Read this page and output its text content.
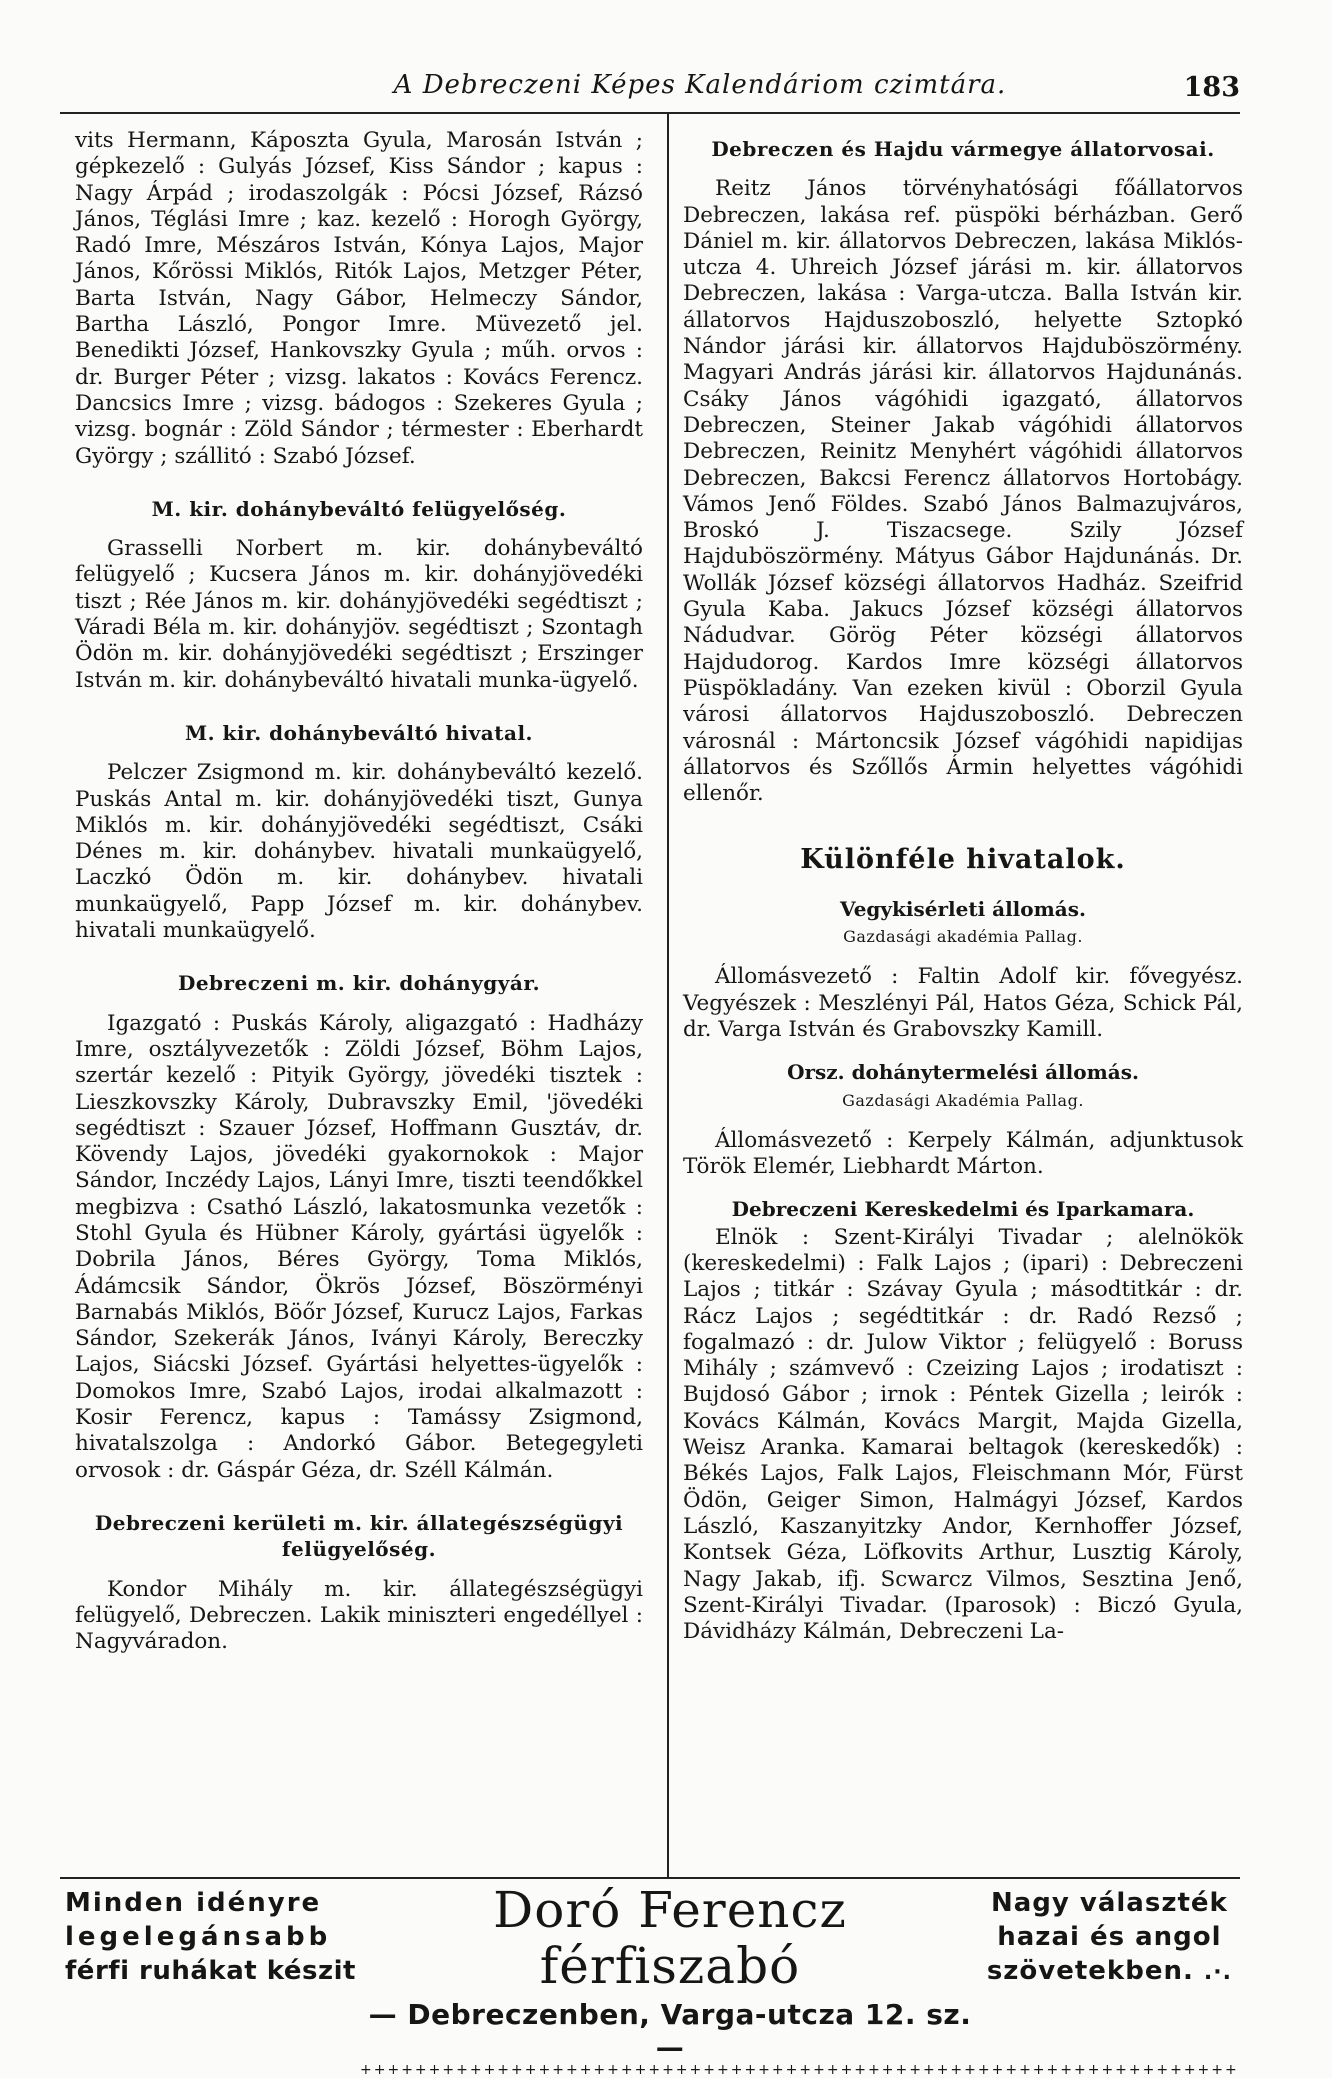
A Debreczeni Képes Kalendáriom czimtára.	183

vits Hermann, Káposzta Gyula, Marosán István ; gépkezelő : Gulyás József, Kiss Sándor ; kapus : Nagy Árpád ; irodaszolgák : Pócsi József, Rázsó János, Téglási Imre ; kaz. kezelő : Horogh György, Radó Imre, Mészáros István, Kónya Lajos, Major János, Kőrössi Miklós, Ritók Lajos, Metzger Péter, Barta István, Nagy Gábor, Helmeczy Sándor, Bartha László, Pongor Imre. Müvezető jel. Benedikti József, Hankovszky Gyula ; műh. orvos : dr. Burger Péter ; vizsg. lakatos : Kovács Ferencz. Dancsics Imre ; vizsg. bádogos : Szekeres Gyula ; vizsg. bognár : Zöld Sándor ; térmester : Eberhardt György ; szállitó : Szabó József.

M. kir. dohánybeváltó felügyelőség.

Grasselli Norbert m. kir. dohánybeváltó felügyelő ; Kucsera János m. kir. dohányjövedéki tiszt ; Rée János m. kir. dohányjövedéki segédtiszt ; Váradi Béla m. kir. dohányjöv. segédtiszt ; Szontagh Ödön m. kir. dohányjövedéki segédtiszt ; Erszinger István m. kir. dohánybeváltó hivatali munka-ügyelő.

M. kir. dohánybeváltó hivatal.

Pelczer Zsigmond m. kir. dohánybeváltó kezelő. Puskás Antal m. kir. dohányjövedéki tiszt, Gunya Miklós m. kir. dohányjövedéki segédtiszt, Csáki Dénes m. kir. dohánybev. hivatali munkaügyelő, Laczkó Ödön m. kir. dohánybev. hivatali munkaügyelő, Papp József m. kir. dohánybev. hivatali munkaügyelő.

Debreczeni m. kir. dohánygyár.

Igazgató : Puskás Károly, aligazgató : Hadházy Imre, osztályvezetők : Zöldi József, Böhm Lajos, szertár kezelő : Pityik György, jövedéki tisztek : Lieszkovszky Károly, Dubravszky Emil, 'jövedéki segédtiszt : Szauer József, Hoffmann Gusztáv, dr. Kövendy Lajos, jövedéki gyakornokok : Major Sándor, Inczédy Lajos, Lányi Imre, tiszti teendőkkel megbizva : Csathó László, lakatosmunka vezetők : Stohl Gyula és Hübner Károly, gyártási ügyelők : Dobrila János, Béres György, Toma Miklós, Ádámcsik Sándor, Ökrös József, Böszörményi Barnabás Miklós, Böőr József, Kurucz Lajos, Farkas Sándor, Szekerák János, Iványi Károly, Bereczky Lajos, Siácski József. Gyártási helyettes-ügyelők : Domokos Imre, Szabó Lajos, irodai alkalmazott : Kosir Ferencz, kapus : Tamássy Zsigmond, hivatalszolga : Andorkó Gábor. Betegegyleti orvosok : dr. Gáspár Géza, dr. Széll Kálmán.

Debreczeni kerületi m. kir. állategészségügyi felügyelőség.

Kondor Mihály m. kir. állategészségügyi felügyelő, Debreczen. Lakik miniszteri engedéllyel : Nagyváradon.

Debreczen és Hajdu vármegye állatorvosai.

Reitz János törvényhatósági főállatorvos Debreczen, lakása ref. püspöki bérházban. Gerő Dániel m. kir. állatorvos Debreczen, lakása Miklós-utcza 4. Uhreich József járási m. kir. állatorvos Debreczen, lakása : Varga-utcza. Balla István kir. állatorvos Hajduszoboszló, helyette Sztopkó Nándor járási kir. állatorvos Hajduböszörmény. Magyari András járási kir. állatorvos Hajdunánás. Csáky János vágóhidi igazgató, állatorvos Debreczen, Steiner Jakab vágóhidi állatorvos Debreczen, Reinitz Menyhért vágóhidi állatorvos Debreczen, Bakcsi Ferencz állatorvos Hortobágy. Vámos Jenő Földes. Szabó János Balmazujváros, Broskó J. Tiszacsege. Szily József Hajduböszörmény. Mátyus Gábor Hajdunánás. Dr. Wollák József községi állatorvos Hadház. Szeifrid Gyula Kaba. Jakucs József községi állatorvos Nádudvar. Görög Péter községi állatorvos Hajdudorog. Kardos Imre községi állatorvos Püspökladány. Van ezeken kivül : Oborzil Gyula városi állatorvos Hajduszoboszló. Debreczen városnál : Mártoncsik József vágóhidi napidijas állatorvos és Szőllős Ármin helyettes vágóhidi ellenőr.

Különféle hivatalok.
Vegykisérleti állomás.
Gazdasági akadémia Pallag.

Állomásvezető : Faltin Adolf kir. fővegyész. Vegyészek : Meszlényi Pál, Hatos Géza, Schick Pál, dr. Varga István és Grabovszky Kamill.

Orsz. dohánytermelési állomás.
Gazdasági Akadémia Pallag.

Állomásvezető : Kerpely Kálmán, adjunktusok Török Elemér, Liebhardt Márton.

Debreczeni Kereskedelmi és Iparkamara.

Elnök : Szent-Királyi Tivadar ; alelnökök (kereskedelmi) : Falk Lajos ; (ipari) : Debreczeni Lajos ; titkár : Szávay Gyula ; másodtitkár : dr. Rácz Lajos ; segédtitkár : dr. Radó Rezső ; fogalmazó : dr. Julow Viktor ; felügyelő : Boruss Mihály ; számvevő : Czeizing Lajos ; irodatiszt : Bujdosó Gábor ; irnok : Péntek Gizella ; leirók : Kovács Kálmán, Kovács Margit, Majda Gizella, Weisz Aranka. Kamarai beltagok (kereskedők) : Békés Lajos, Falk Lajos, Fleischmann Mór, Fürst Ödön, Geiger Simon, Halmágyi József, Kardos László, Kaszanyitzky Andor, Kernhoffer József, Kontsek Géza, Löfkovits Arthur, Lusztig Károly, Nagy Jakab, ifj. Scwarcz Vilmos, Sesztina Jenő, Szent-Királyi Tivadar. (Iparosok) : Biczó Gyula, Dávidházy Kálmán, Debreczeni La-

Minden idényre
legelegánsabb
férfi ruhákat készit
Doró Ferencz férfiszabó
— Debreczenben, Varga-utcza 12. sz. —
++++++++++++++++++++++++++++++++++++++++++++++++++++++++++++++++
Nagy választék
hazai és angol
szövetekben. .·.
